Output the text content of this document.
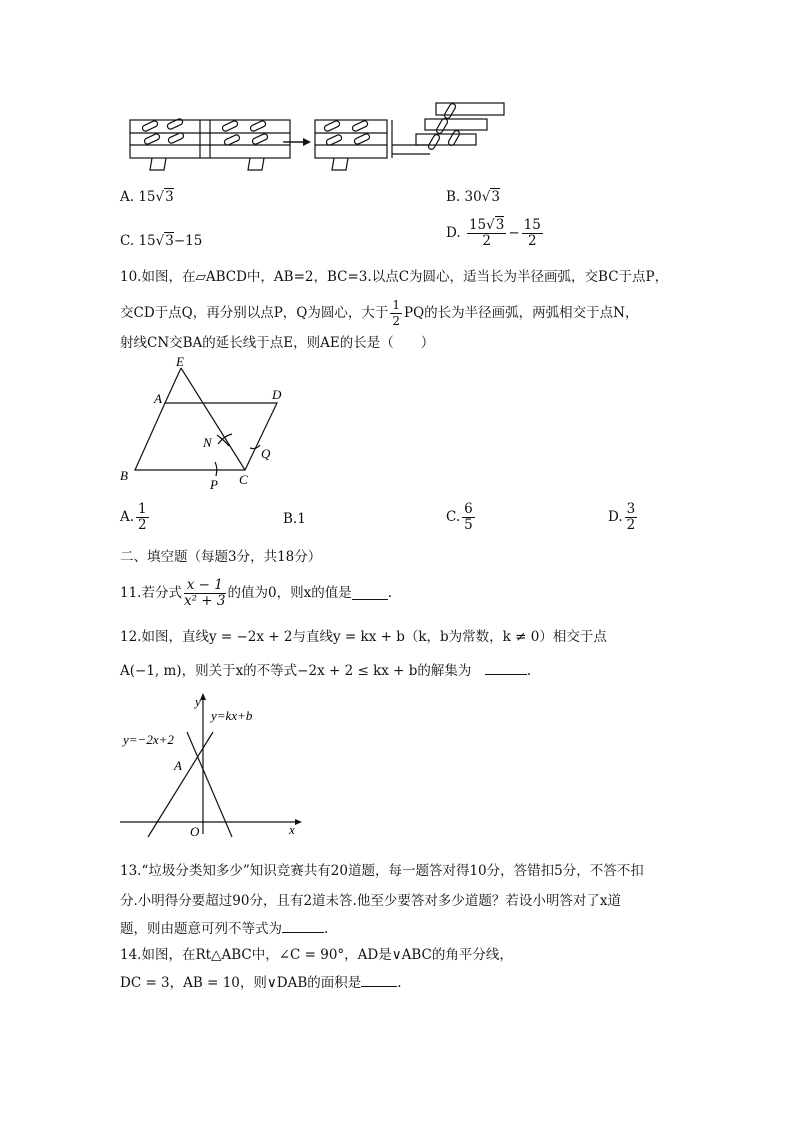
A. 15√3	B. 30√3
C. 15√3−15	D. $\frac{15√3}{2} - \frac{15}{2}$
10.如图，在▱ABCD中，AB=2，BC=3.以点C为圆心，适当长为半径画弧，交BC于点P，
交CD于点Q，再分别以点P，Q为圆心，大于 $\frac{1}{2}$ PQ的长为半径画弧，两弧相交于点N，
射线CN交BA的延长线于点E，则AE的长是（　　）
E
A	D
N
Q
B
P C
A. $\frac{1}{2}$	B.1	C. $\frac{6}{5}$	D. $\frac{3}{2}$
二、填空题（每题3分，共18分）
11.若分式 $\frac{x - 1}{\text{x² + 3}}$ 的值为0，则x的值是	.
12.如图，直线y = −2x + 2与直线y = kx + b（k，b为常数，k ≠ 0）相交于点
A(−1, m)，则关于x的不等式−2x + 2 ≤ kx + b的解集为　	.
y
y=kx+b
y=−2x+2
A
O	x
13.“垃圾分类知多少”知识竞赛共有20道题，每一题答对得10分，答错扣5分，不答不扣
分.小明得分要超过90分，且有2道未答.他至少要答对多少道题？若设小明答对了x道
题，则由题意可列不等式为	.
14.如图，在Rt△ABC中，∠C = 90°，AD是∨ABC的角平分线，
DC = 3，AB = 10，则∨DAB的面积是	.
